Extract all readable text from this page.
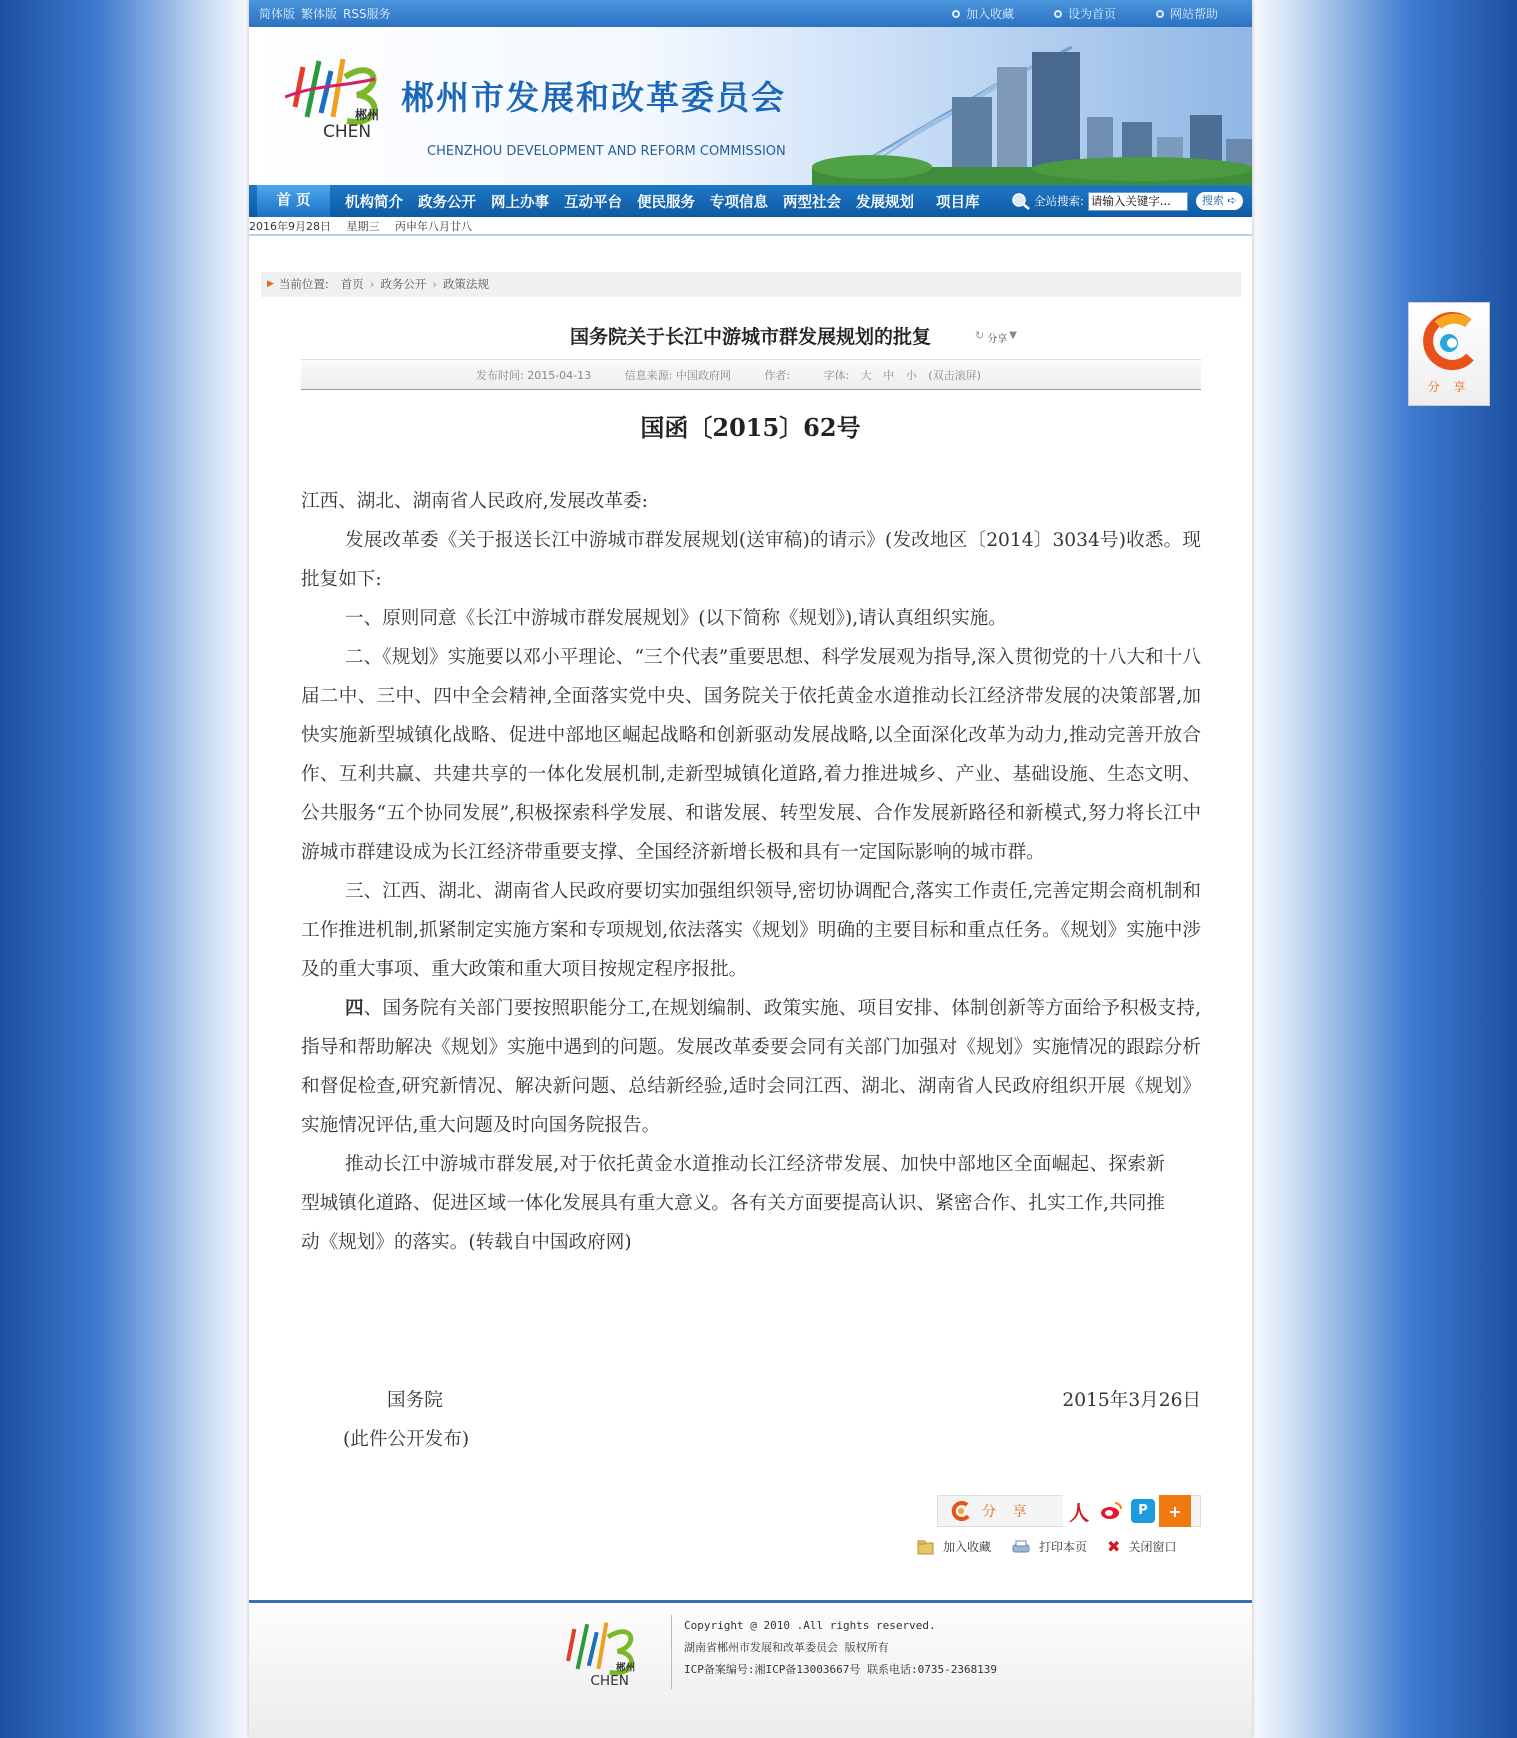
简体版 繁体版 RSS服务	加入收藏	设为首页	网站帮助
郴州
CHEN
郴州市发展和改革委员会
CHENZHOU DEVELOPMENT AND REFORM COMMISSION
首 页	机构简介 政务公开 网上办事 互动平台 便民服务 专项信息 两型社会 发展规划 项目库	全站搜索:
请输入关键字...	搜索 ➪
2016年9月28日 星期三 丙申年八月廿八
▶ 当前位置: 首页 › 政务公开 › 政策法规
国务院关于长江中游城市群发展规划的批复	↻ 分享 ▼
发布时间: 2015-04-13	信息来源: 中国政府网	作者:	字体: 大 中 小 (双击滚屏)
国函〔2015〕62号

江西、湖北、湖南省人民政府,发展改革委:

发展改革委《关于报送长江中游城市群发展规划(送审稿)的请示》(发改地区〔2014〕3034号)收悉。现批复如下:

一、原则同意《长江中游城市群发展规划》(以下简称《规划》),请认真组织实施。

二、《规划》实施要以邓小平理论、“三个代表”重要思想、科学发展观为指导,深入贯彻党的十八大和十八届二中、三中、四中全会精神,全面落实党中央、国务院关于依托黄金水道推动长江经济带发展的决策部署,加快实施新型城镇化战略、促进中部地区崛起战略和创新驱动发展战略,以全面深化改革为动力,推动完善开放合作、互利共赢、共建共享的一体化发展机制,走新型城镇化道路,着力推进城乡、产业、基础设施、生态文明、公共服务“五个协同发展”,积极探索科学发展、和谐发展、转型发展、合作发展新路径和新模式,努力将长江中游城市群建设成为长江经济带重要支撑、全国经济新增长极和具有一定国际影响的城市群。

三、江西、湖北、湖南省人民政府要切实加强组织领导,密切协调配合,落实工作责任,完善定期会商机制和工作推进机制,抓紧制定实施方案和专项规划,依法落实《规划》明确的主要目标和重点任务。《规划》实施中涉及的重大事项、重大政策和重大项目按规定程序报批。

四、国务院有关部门要按照职能分工,在规划编制、政策实施、项目安排、体制创新等方面给予积极支持,指导和帮助解决《规划》实施中遇到的问题。发展改革委要会同有关部门加强对《规划》实施情况的跟踪分析和督促检查,研究新情况、解决新问题、总结新经验,适时会同江西、湖北、湖南省人民政府组织开展《规划》实施情况评估,重大问题及时向国务院报告。

推动长江中游城市群发展,对于依托黄金水道推动长江经济带发展、加快中部地区全面崛起、探索新型城镇化道路、促进区域一体化发展具有重大意义。各有关方面要提高认识、紧密合作、扎实工作,共同推动《规划》的落实。(转载自中国政府网)

国务院	2015年3月26日
(此件公开发布)
分 享 人	P	+
加入收藏	打印本页 ✖ 关闭窗口
郴州
CHEN
Copyright @ 2010 .All rights reserved.
湖南省郴州市发展和改革委员会 版权所有
ICP备案编号:湘ICP备13003667号 联系电话:0735-2368139
分 享
